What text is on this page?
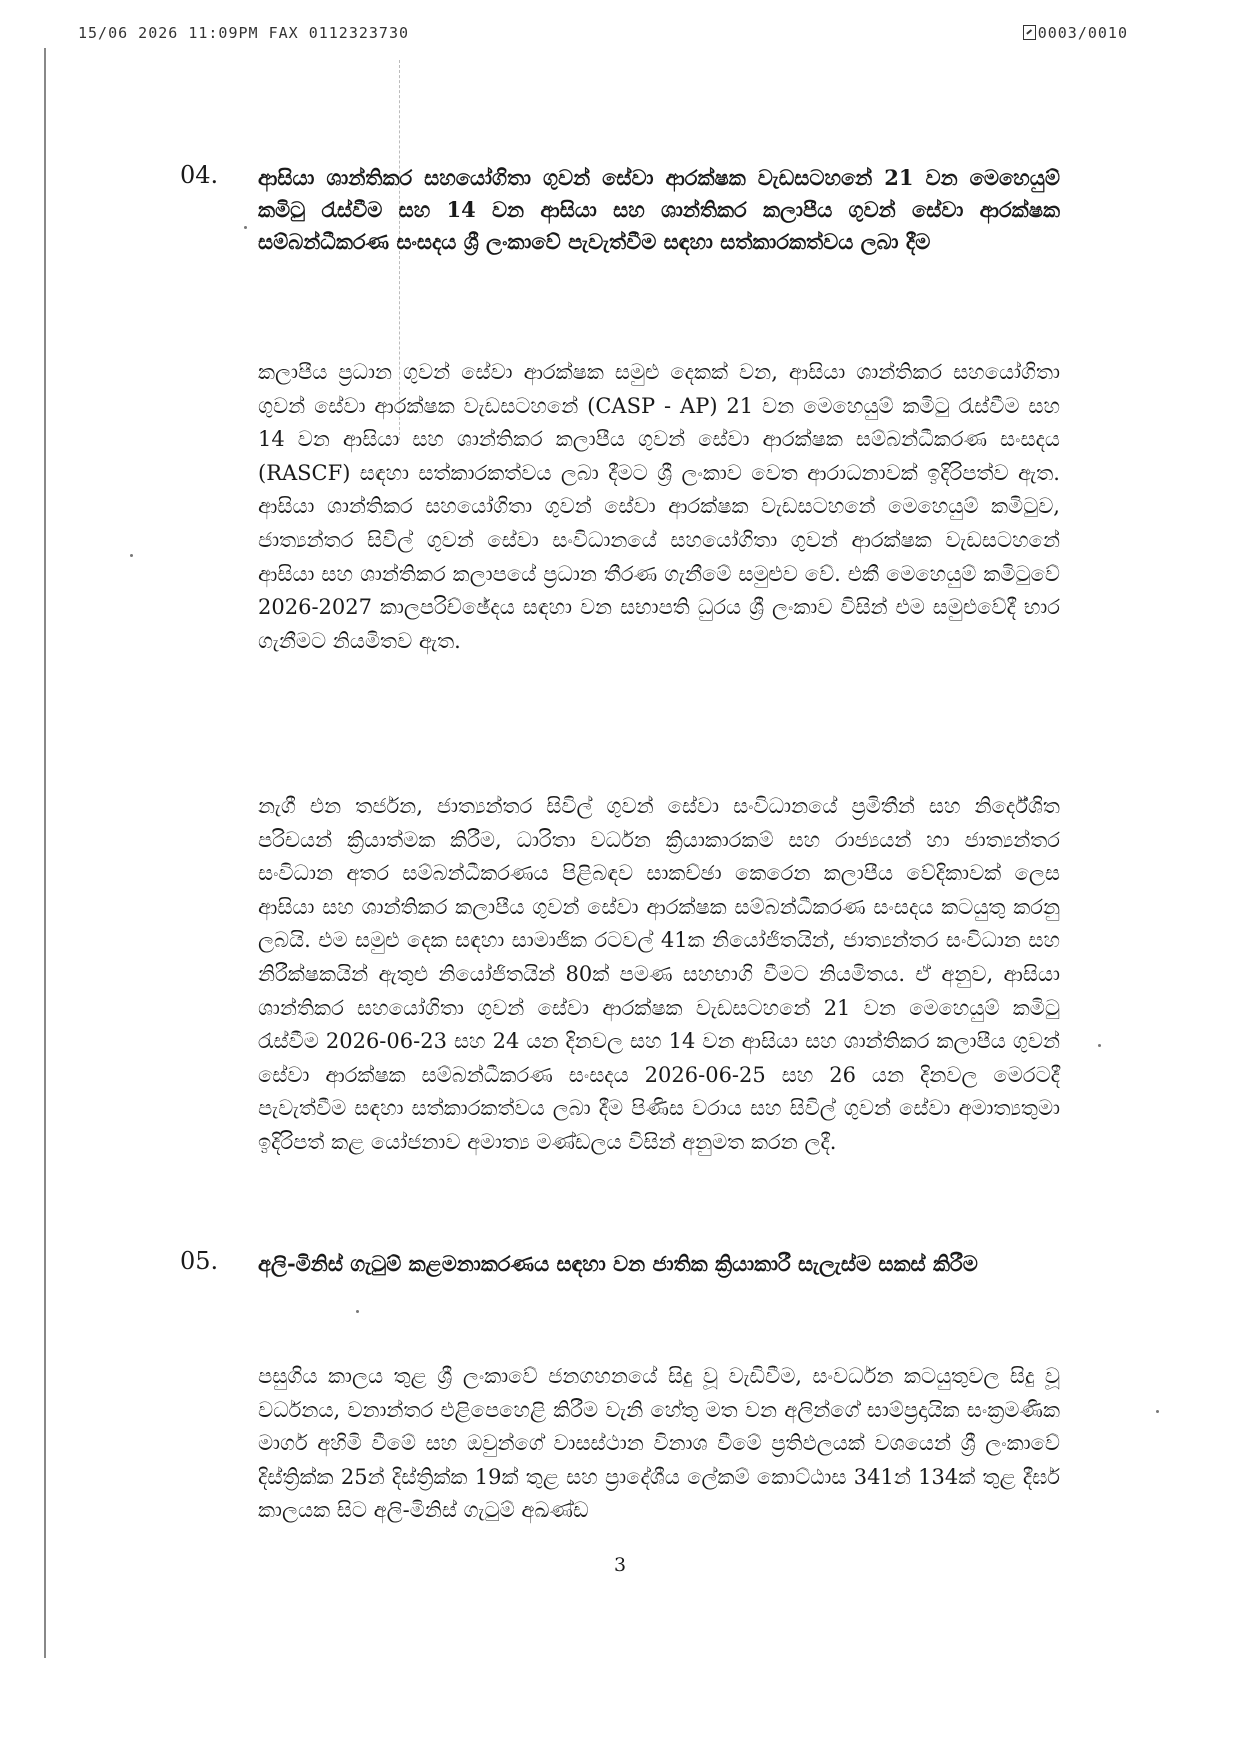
15/06 2026 11:09PM FAX 0112323730	0003/0010
04. ආසියා ශාන්තිකර සහයෝගිතා ගුවන් සේවා ආරක්ෂක වැඩසටහනේ 21 වන මෙහෙයුම් කමිටු රැස්වීම සහ 14 වන ආසියා සහ ශාන්තිකර කලාපීය ගුවන් සේවා ආරක්ෂක සම්බන්ධීකරණ සංසදය ශ්‍රී ලංකාවේ පැවැත්වීම සඳහා සත්කාරකත්වය ලබා දීම
කලාපීය ප්‍රධාන ගුවන් සේවා ආරක්ෂක සමුළු දෙකක් වන, ආසියා ශාන්තිකර සහයෝගිතා ගුවන් සේවා ආරක්ෂක වැඩසටහනේ (CASP - AP) 21 වන මෙහෙයුම් කමිටු රැස්වීම සහ 14 වන ආසියා සහ ශාන්තිකර කලාපීය ගුවන් සේවා ආරක්ෂක සම්බන්ධීකරණ සංසදය (RASCF) සඳහා සත්කාරකත්වය ලබා දීමට ශ්‍රී ලංකාව වෙත ආරාධනාවක් ඉදිරිපත්ව ඇත. ආසියා ශාන්තිකර සහයෝගිතා ගුවන් සේවා ආරක්ෂක වැඩසටහනේ මෙහෙයුම් කමිටුව, ජාත්‍යන්තර සිවිල් ගුවන් සේවා සංවිධානයේ සහයෝගිතා ගුවන් ආරක්ෂක වැඩසටහනේ ආසියා සහ ශාන්තිකර කලාපයේ ප්‍රධාන තීරණ ගැනීමේ සමුළුව වේ. එකී මෙහෙයුම් කමිටුවේ 2026-2027 කාලපරිච්ඡේදය සඳහා වන සභාපති ධුරය ශ්‍රී ලංකාව විසින් එම සමුළුවේදී භාර ගැනීමට නියමිතව ඇත.
නැගී එන තර්ජන, ජාත්‍යන්තර සිවිල් ගුවන් සේවා සංවිධානයේ ප්‍රමිතීන් සහ නිර්දේශිත පරිචයන් ක්‍රියාත්මක කිරීම, ධාරිතා වර්ධන ක්‍රියාකාරකම් සහ රාජ්‍යයන් හා ජාත්‍යන්තර සංවිධාන අතර සම්බන්ධීකරණය පිළිබඳව සාකච්ඡා කෙරෙන කලාපීය වේදිකාවක් ලෙස ආසියා සහ ශාන්තිකර කලාපීය ගුවන් සේවා ආරක්ෂක සම්බන්ධීකරණ සංසදය කටයුතු කරනු ලබයි. එම සමුළු දෙක සඳහා සාමාජික රටවල් 41ක නියෝජිතයින්, ජාත්‍යන්තර සංවිධාන සහ නිරීක්ෂකයින් ඇතුළු නියෝජිතයින් 80ක් පමණ සහභාගි වීමට නියමිතය. ඒ අනුව, ආසියා ශාන්තිකර සහයෝගිතා ගුවන් සේවා ආරක්ෂක වැඩසටහනේ 21 වන මෙහෙයුම් කමිටු රැස්වීම 2026-06-23 සහ 24 යන දිනවල සහ 14 වන ආසියා සහ ශාන්තිකර කලාපීය ගුවන් සේවා ආරක්ෂක සම්බන්ධීකරණ සංසදය 2026-06-25 සහ 26 යන දිනවල මෙරටදී පැවැත්වීම සඳහා සත්කාරකත්වය ලබා දීම පිණිස වරාය සහ සිවිල් ගුවන් සේවා අමාත්‍යතුමා ඉදිරිපත් කළ යෝජනාව අමාත්‍ය මණ්ඩලය විසින් අනුමත කරන ලදී.
05. අලි-මිනිස් ගැටුම් කළමනාකරණය සඳහා වන ජාතික ක්‍රියාකාරී සැලැස්ම සකස් කිරීම
පසුගිය කාලය තුළ ශ්‍රී ලංකාවේ ජනගහනයේ සිදු වූ වැඩිවීම, සංවර්ධන කටයුතුවල සිදු වූ වර්ධනය, වනාන්තර එළිපෙහෙළි කිරීම වැනි හේතු මත වන අලින්ගේ සාම්ප්‍රදායික සංක්‍රමණික මාර්ග අහිමි වීමේ සහ ඔවුන්ගේ වාසස්ථාන විනාශ වීමේ ප්‍රතිඵලයක් වශයෙන් ශ්‍රී ලංකාවේ දිස්ත්‍රික්ක 25න් දිස්ත්‍රික්ක 19ක් තුළ සහ ප්‍රාදේශීය ලේකම් කොට්ඨාස 341න් 134ක් තුළ දීර්ඝ කාලයක සිට අලි-මිනිස් ගැටුම් අඛණ්ඩ
3
